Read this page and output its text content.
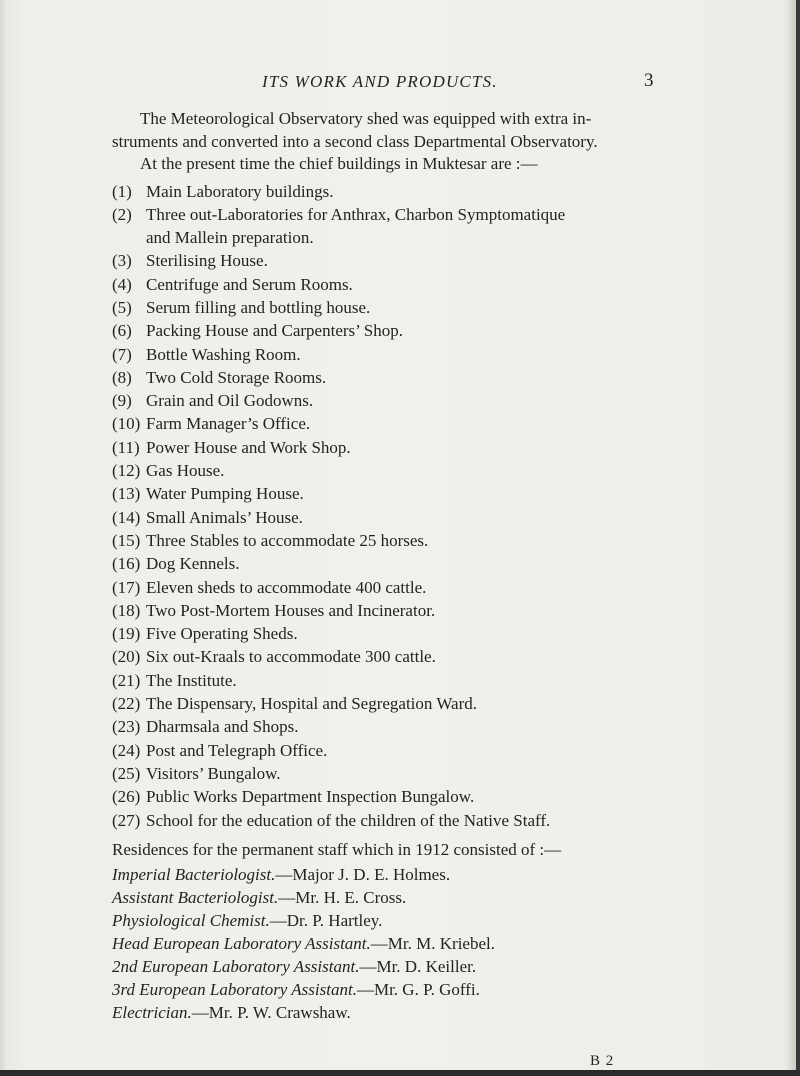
ITS WORK AND PRODUCTS.	3

The Meteorological Observatory shed was equipped with extra in-

struments and converted into a second class Departmental Observatory.

At the present time the chief buildings in Muktesar are :—

(1) Main Laboratory buildings.
(2) Three out-Laboratories for Anthrax, Charbon Symptomatique
and Mallein preparation.
(3) Sterilising House.
(4) Centrifuge and Serum Rooms.
(5) Serum filling and bottling house.
(6) Packing House and Carpenters’ Shop.
(7) Bottle Washing Room.
(8) Two Cold Storage Rooms.
(9) Grain and Oil Godowns.
(10) Farm Manager’s Office.
(11) Power House and Work Shop.
(12) Gas House.
(13) Water Pumping House.
(14) Small Animals’ House.
(15) Three Stables to accommodate 25 horses.
(16) Dog Kennels.
(17) Eleven sheds to accommodate 400 cattle.
(18) Two Post-Mortem Houses and Incinerator.
(19) Five Operating Sheds.
(20) Six out-Kraals to accommodate 300 cattle.
(21) The Institute.
(22) The Dispensary, Hospital and Segregation Ward.
(23) Dharmsala and Shops.
(24) Post and Telegraph Office.
(25) Visitors’ Bungalow.
(26) Public Works Department Inspection Bungalow.
(27) School for the education of the children of the Native Staff.

Residences for the permanent staff which in 1912 consisted of :—

Imperial Bacteriologist.—Major J. D. E. Holmes.
Assistant Bacteriologist.—Mr. H. E. Cross.
Physiological Chemist.—Dr. P. Hartley.
Head European Laboratory Assistant.—Mr. M. Kriebel.
2nd European Laboratory Assistant.—Mr. D. Keiller.
3rd European Laboratory Assistant.—Mr. G. P. Goffi.
Electrician.—Mr. P. W. Crawshaw.
B 2
